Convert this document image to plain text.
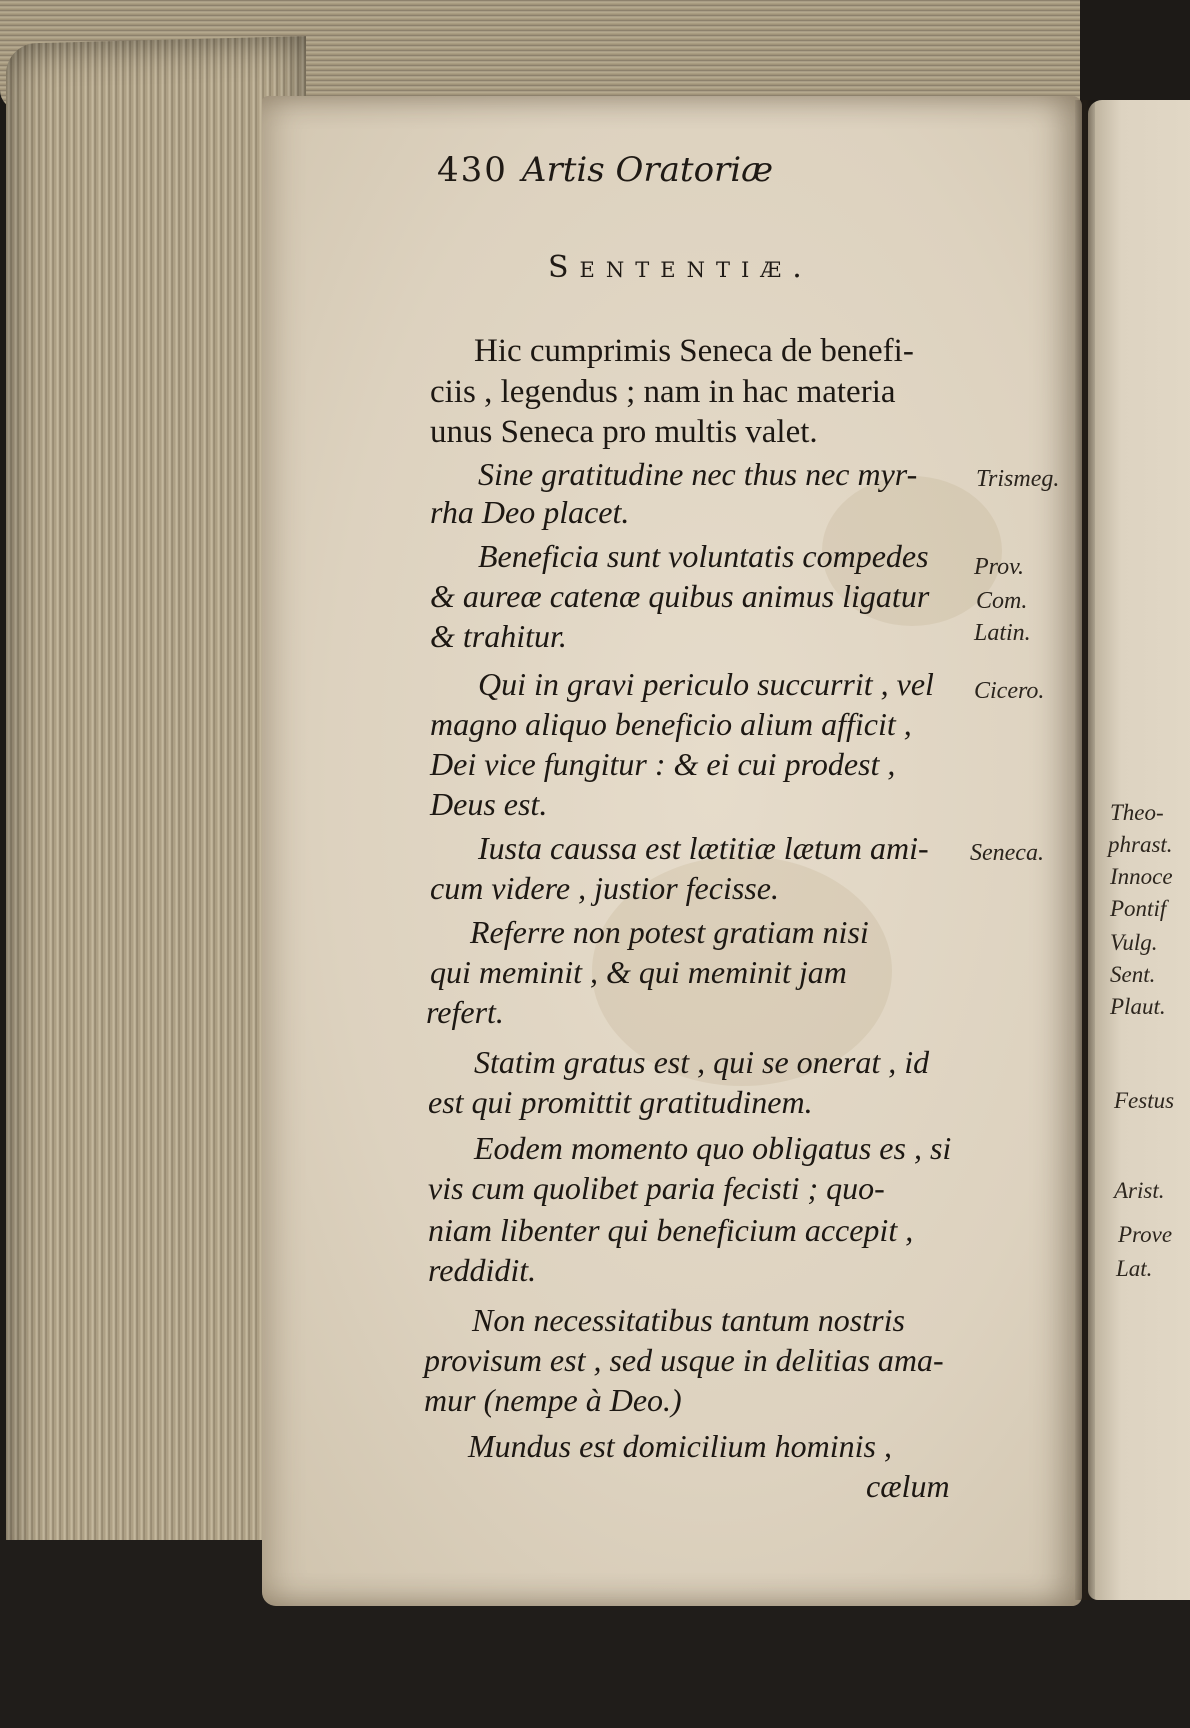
430 Artis Oratoriæ
Sententiæ.
Hic cumprimis Seneca de benefi-
ciis , legendus ; nam in hac materia
unus Seneca pro multis valet.
Sine gratitudine nec thus nec myr-
rha Deo placet.
Beneficia sunt voluntatis compedes
& aureæ catenæ quibus animus ligatur
& trahitur.
Qui in gravi periculo succurrit , vel
magno aliquo beneficio alium afficit ,
Dei vice fungitur : & ei cui prodest ,
Deus est.
Iusta caussa est lætitiæ lætum ami-
cum videre , justior fecisse.
Referre non potest gratiam nisi
qui meminit , & qui meminit jam
refert.
Statim gratus est , qui se onerat , id
est qui promittit gratitudinem.
Eodem momento quo obligatus es , si
vis cum quolibet paria fecisti ; quo-
niam libenter qui beneficium accepit ,
reddidit.
Non necessitatibus tantum nostris
provisum est , sed usque in delitias ama-
mur (nempe à Deo.)
Mundus est domicilium hominis ,
cælum
Trismeg.
Prov.
Com.
Latin.
Cicero.
Seneca.
Theo-
phrast.
Innoce
Pontif
Vulg.
Sent.
Plaut.
Festus
Arist.
Prove
Lat.
